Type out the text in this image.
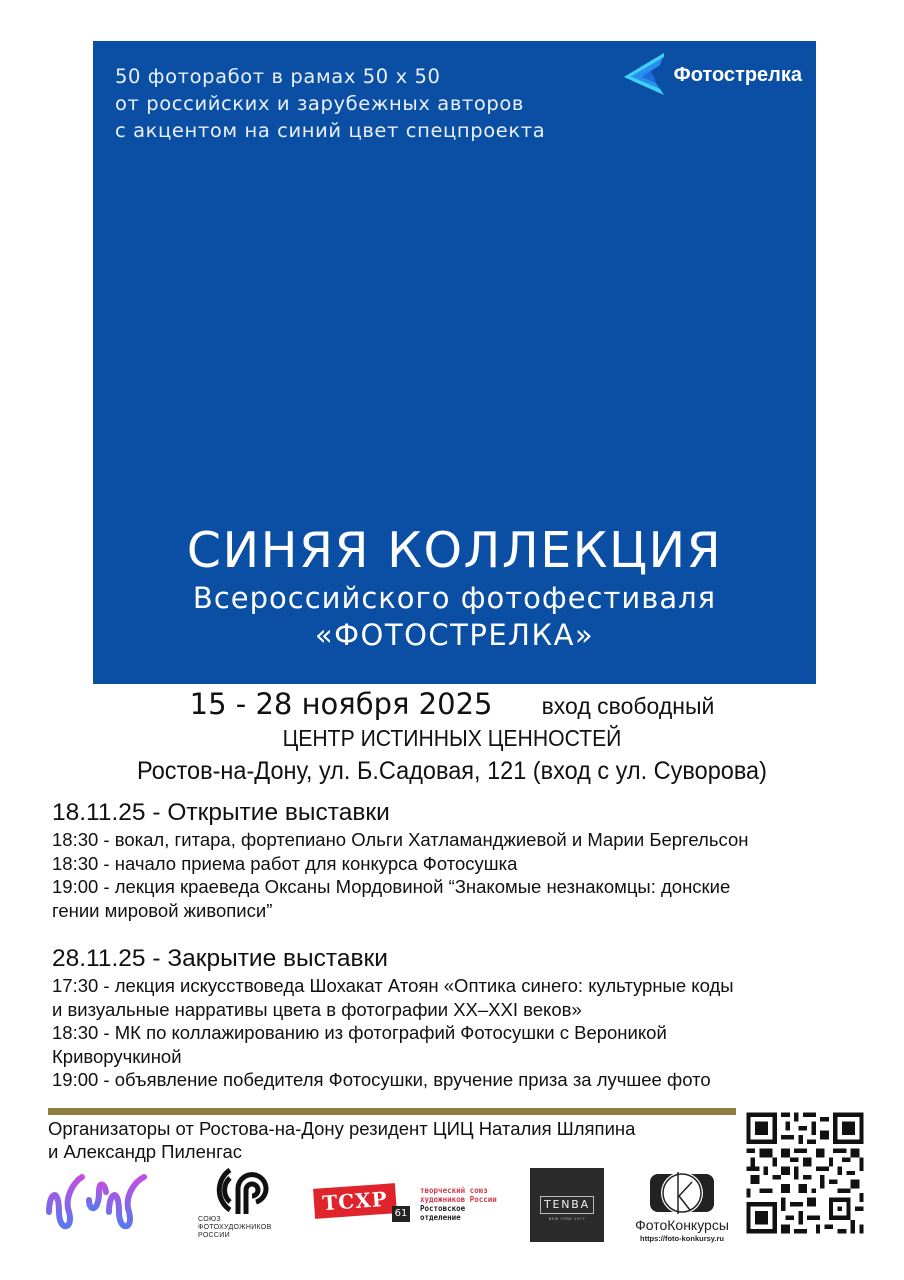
50 фоторабот в рамах 50 х 50
от российских и зарубежных авторов
с акцентом на синий цвет спецпроекта
Фотострелка
СИНЯЯ КОЛЛЕКЦИЯ
Всероссийского фотофестиваля
«ФОТОСТРЕЛКА»
15 - 28 ноября 2025 вход свободный
ЦЕНТР ИСТИННЫХ ЦЕННОСТЕЙ
Ростов-на-Дону, ул. Б.Садовая, 121 (вход с ул. Суворова)
18.11.25 - Открытие выставки
18:30 - вокал, гитара, фортепиано Ольги Хатламанджиевой и Марии Бергельсон
18:30 - начало приема работ для конкурса Фотосушка
19:00 - лекция краеведа Оксаны Мордовиной “Знакомые незнакомцы: донские
гении мировой живописи”
28.11.25 - Закрытие выставки
17:30 - лекция искусствоведа Шохакат Атоян «Оптика синего: культурные коды
и визуальные нарративы цвета в фотографии XX–XXI веков»
18:30 - МК по коллажированию из фотографий Фотосушки с Вероникой
Криворучкиной
19:00 - объявление победителя Фотосушки, вручение приза за лучшее фото
Организаторы от Ростова-на-Дону резидент ЦИЦ Наталия Шляпина
и Александр Пиленгас
СОЮЗ
ФОТОХУДОЖНИКОВ
РОССИИ
ТСХР 61
творческий союз
художников России
Ростовское
отделение
TENBA
NEW YORK 1977	ФотоКонкурсы
https://foto-konkursy.ru
